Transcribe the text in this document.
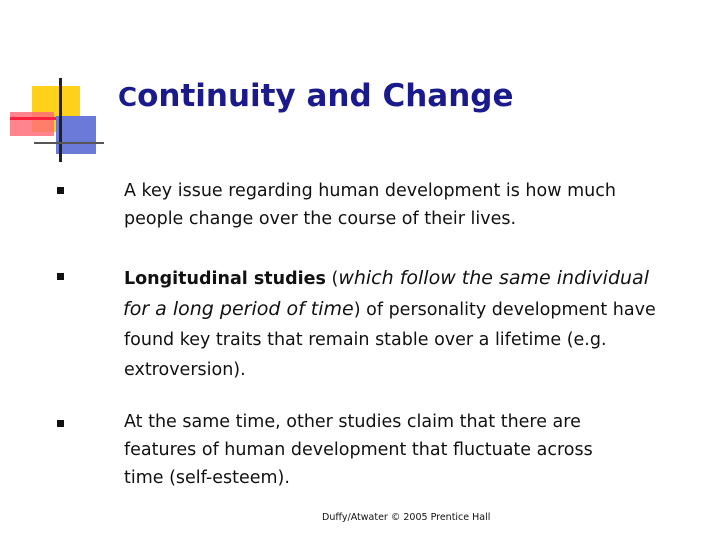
Continuity and Change
A key issue regarding human development is how much
people change over the course of their lives.
Longitudinal studies (which follow the same individual
for a long period of time) of personality development have
found key traits that remain stable over a lifetime (e.g.
extroversion).
At the same time, other studies claim that there are
features of human development that fluctuate across
time (self-esteem).
Duffy/Atwater © 2005 Prentice Hall
